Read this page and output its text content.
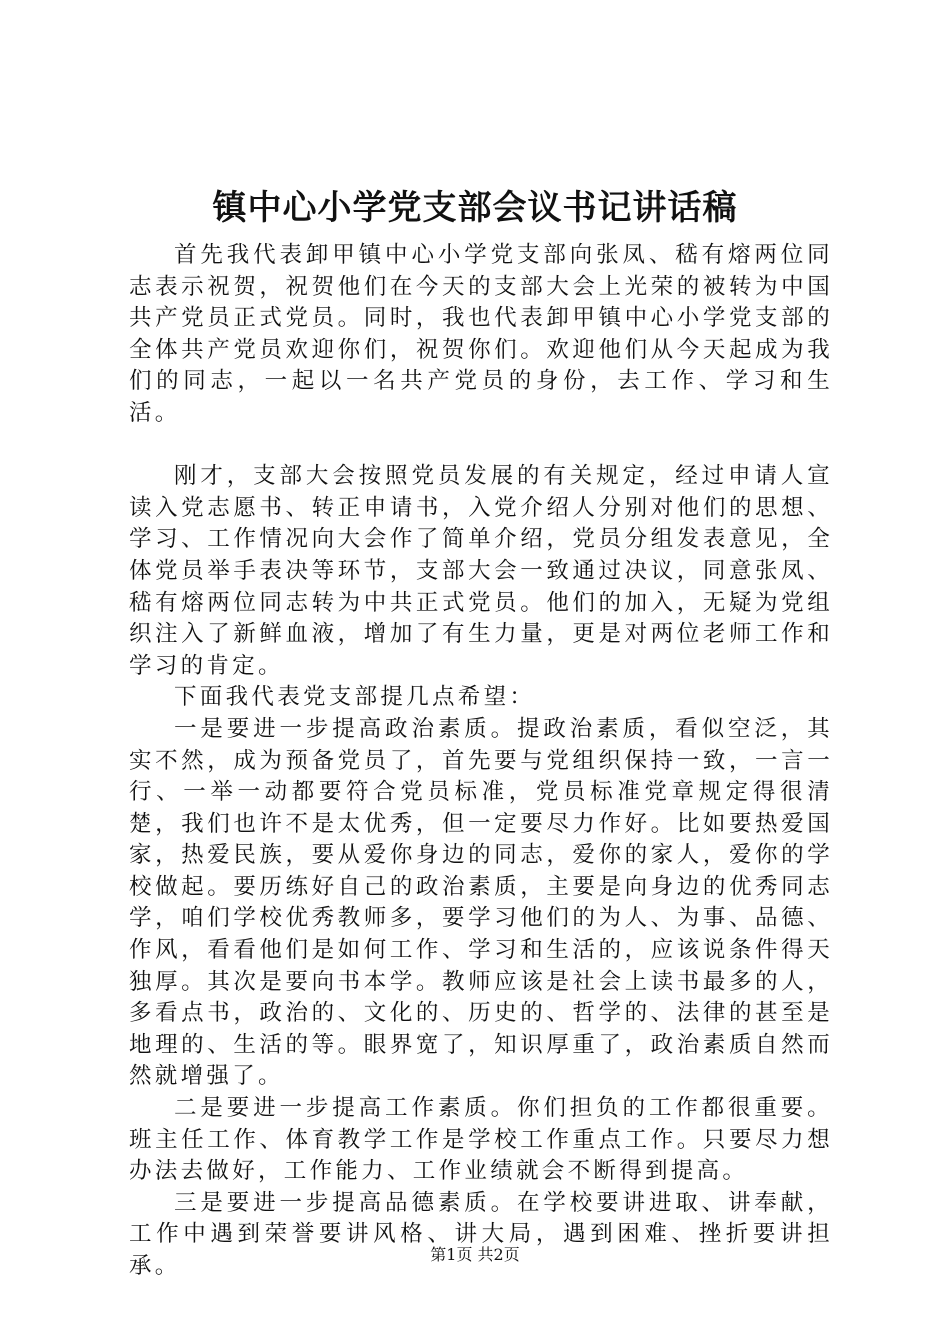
镇中心小学党支部会议书记讲话稿

首先我代表卸甲镇中心小学党支部向张凤、嵇有熔两位同志表示祝贺，祝贺他们在今天的支部大会上光荣的被转为中国共产党员正式党员。同时，我也代表卸甲镇中心小学党支部的全体共产党员欢迎你们，祝贺你们。欢迎他们从今天起成为我们的同志，一起以一名共产党员的身份，去工作、学习和生活。

刚才，支部大会按照党员发展的有关规定，经过申请人宣读入党志愿书、转正申请书，入党介绍人分别对他们的思想、学习、工作情况向大会作了简单介绍，党员分组发表意见，全体党员举手表决等环节，支部大会一致通过决议，同意张凤、嵇有熔两位同志转为中共正式党员。他们的加入，无疑为党组织注入了新鲜血液，增加了有生力量，更是对两位老师工作和学习的肯定。

下面我代表党支部提几点希望：

一是要进一步提高政治素质。提政治素质，看似空泛，其实不然，成为预备党员了，首先要与党组织保持一致，一言一行、一举一动都要符合党员标准，党员标准党章规定得很清楚，我们也许不是太优秀，但一定要尽力作好。比如要热爱国家，热爱民族，要从爱你身边的同志，爱你的家人，爱你的学校做起。要历练好自己的政治素质，主要是向身边的优秀同志学，咱们学校优秀教师多，要学习他们的为人、为事、品德、作风，看看他们是如何工作、学习和生活的，应该说条件得天独厚。其次是要向书本学。教师应该是社会上读书最多的人，多看点书，政治的、文化的、历史的、哲学的、法律的甚至是地理的、生活的等。眼界宽了，知识厚重了，政治素质自然而然就增强了。

二是要进一步提高工作素质。你们担负的工作都很重要。班主任工作、体育教学工作是学校工作重点工作。只要尽力想办法去做好，工作能力、工作业绩就会不断得到提高。

三是要进一步提高品德素质。在学校要讲进取、讲奉献，工作中遇到荣誉要讲风格、讲大局，遇到困难、挫折要讲担承。	第1页 共2页
